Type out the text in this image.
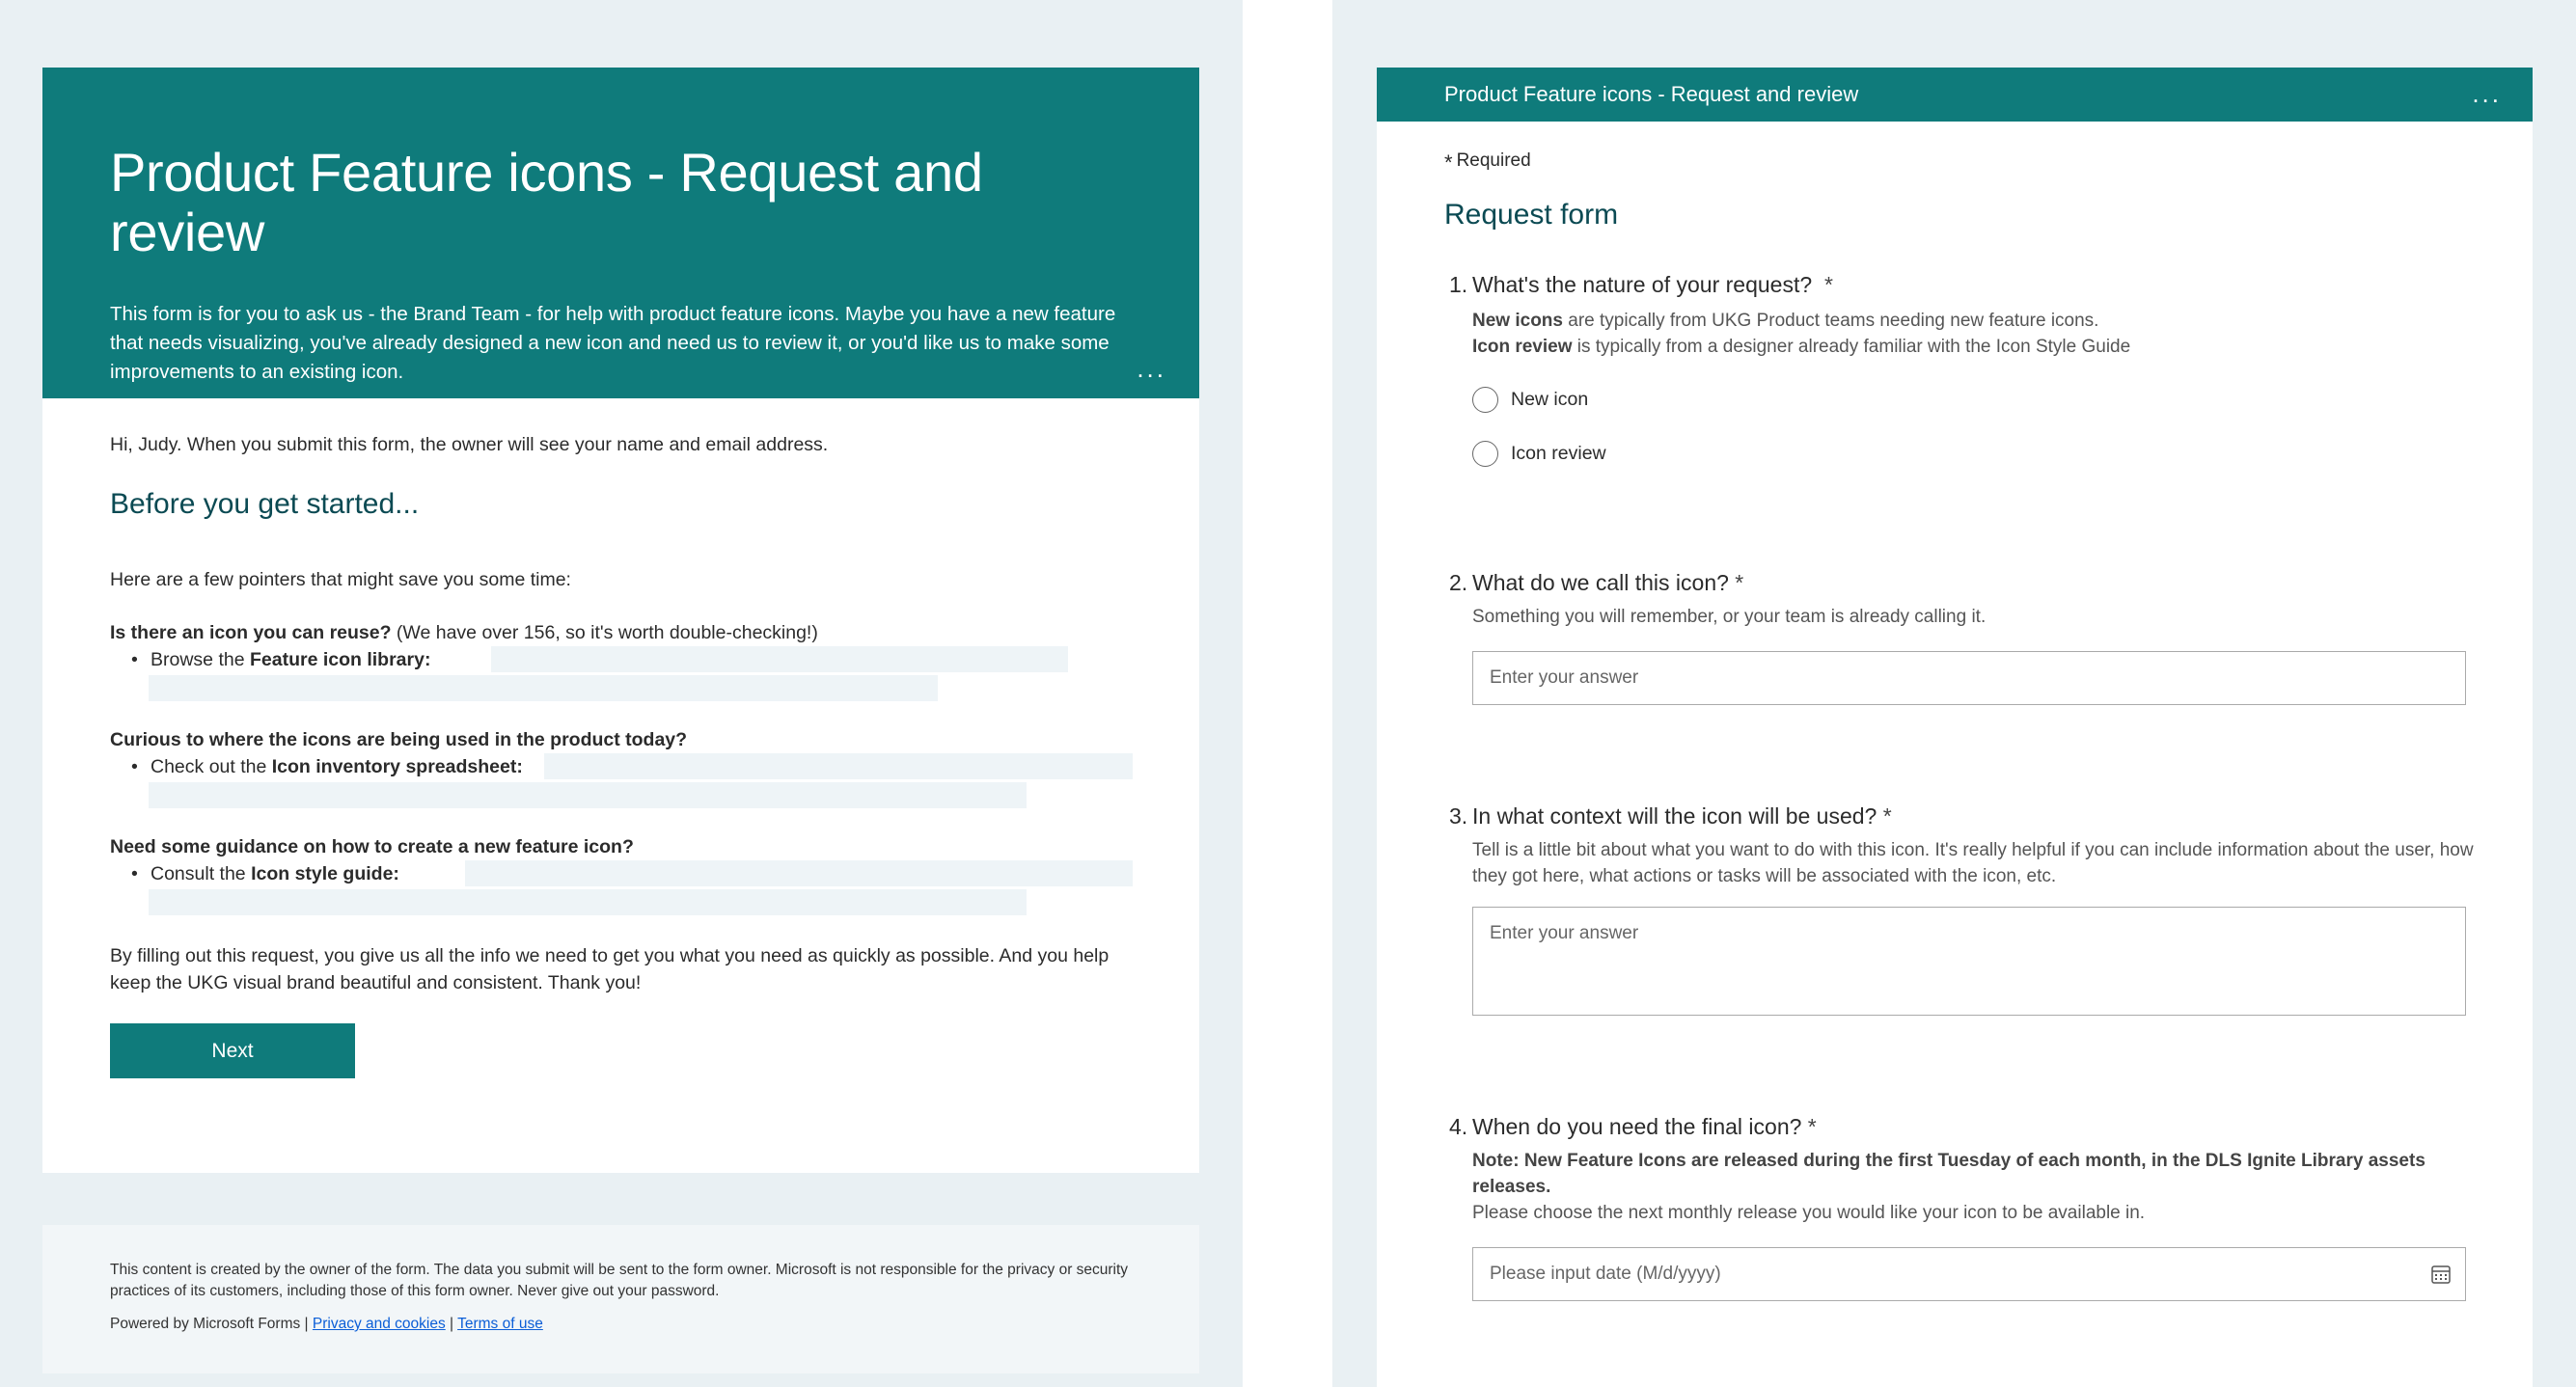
Product Feature icons - Request and review

This form is for you to ask us - the Brand Team - for help with product feature icons. Maybe you have a new feature that needs visualizing, you've already designed a new icon and need us to review it, or you'd like us to make some improvements to an existing icon.	...
Hi, Judy. When you submit this form, the owner will see your name and email address.
Before you get started...
Here are a few pointers that might save you some time:
Is there an icon you can reuse? (We have over 156, so it's worth double-checking!)
• Browse the Feature icon library:
Curious to where the icons are being used in the product today?
• Check out the Icon inventory spreadsheet:
Need some guidance on how to create a new feature icon?
• Consult the Icon style guide:
By filling out this request, you give us all the info we need to get you what you need as quickly as possible. And you help keep the UKG visual brand beautiful and consistent. Thank you!
Next
This content is created by the owner of the form. The data you submit will be sent to the form owner. Microsoft is not responsible for the privacy or security practices of its customers, including those of this form owner. Never give out your password.
Powered by Microsoft Forms | Privacy and cookies | Terms of use
Product Feature icons - Request and review	...
* Required
Request form
1. What's the nature of your request? *
New icons are typically from UKG Product teams needing new feature icons.
Icon review is typically from a designer already familiar with the Icon Style Guide
New icon
Icon review
2. What do we call this icon? *
Something you will remember, or your team is already calling it.
Enter your answer
3. In what context will the icon will be used? *
Tell is a little bit about what you want to do with this icon. It's really helpful if you can include information about the user, how they got here, what actions or tasks will be associated with the icon, etc.
Enter your answer
4. When do you need the final icon? *
Note: New Feature Icons are released during the first Tuesday of each month, in the DLS Ignite Library assets releases.
Please choose the next monthly release you would like your icon to be available in.
Please input date (M/d/yyyy)
